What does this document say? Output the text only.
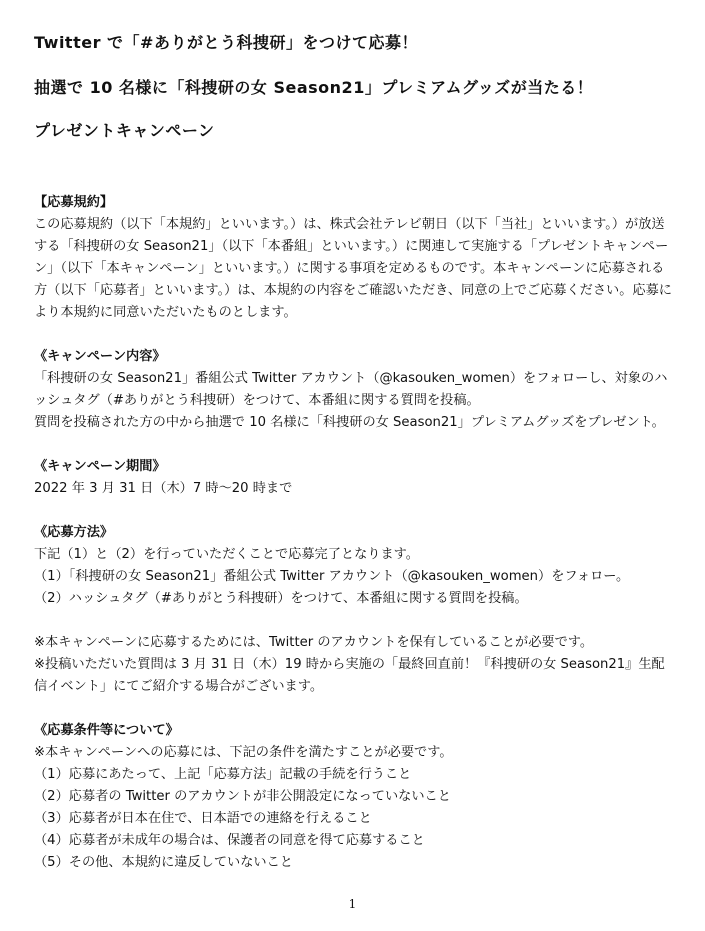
Twitter で「#ありがとう科捜研」をつけて応募！
抽選で 10 名様に「科捜研の女 Season21」プレミアムグッズが当たる！
プレゼントキャンペーン
【応募規約】
この応募規約（以下「本規約」といいます。）は、株式会社テレビ朝日（以下「当社」といいます。）が放送する「科捜研の女 Season21」（以下「本番組」といいます。）に関連して実施する「プレゼントキャンペーン」（以下「本キャンペーン」といいます。）に関する事項を定めるものです。本キャンペーンに応募される方（以下「応募者」といいます。）は、本規約の内容をご確認いただき、同意の上でご応募ください。応募により本規約に同意いただいたものとします。
《キャンペーン内容》
「科捜研の女 Season21」番組公式 Twitter アカウント（@kasouken_women）をフォローし、対象のハッシュタグ（#ありがとう科捜研）をつけて、本番組に関する質問を投稿。
質問を投稿された方の中から抽選で 10 名様に「科捜研の女 Season21」プレミアムグッズをプレゼント。
《キャンペーン期間》
2022 年 3 月 31 日（木）7 時～20 時まで
《応募方法》
下記（1）と（2）を行っていただくことで応募完了となります。
（1）「科捜研の女 Season21」番組公式 Twitter アカウント（@kasouken_women）をフォロー。
（2）ハッシュタグ（#ありがとう科捜研）をつけて、本番組に関する質問を投稿。
※本キャンペーンに応募するためには、Twitter のアカウントを保有していることが必要です。
※投稿いただいた質問は 3 月 31 日（木）19 時から実施の「最終回直前！『科捜研の女 Season21』生配信イベント」にてご紹介する場合がございます。
《応募条件等について》
※本キャンペーンへの応募には、下記の条件を満たすことが必要です。
（1）応募にあたって、上記「応募方法」記載の手続を行うこと
（2）応募者の Twitter のアカウントが非公開設定になっていないこと
（3）応募者が日本在住で、日本語での連絡を行えること
（4）応募者が未成年の場合は、保護者の同意を得て応募すること
（5）その他、本規約に違反していないこと
1
